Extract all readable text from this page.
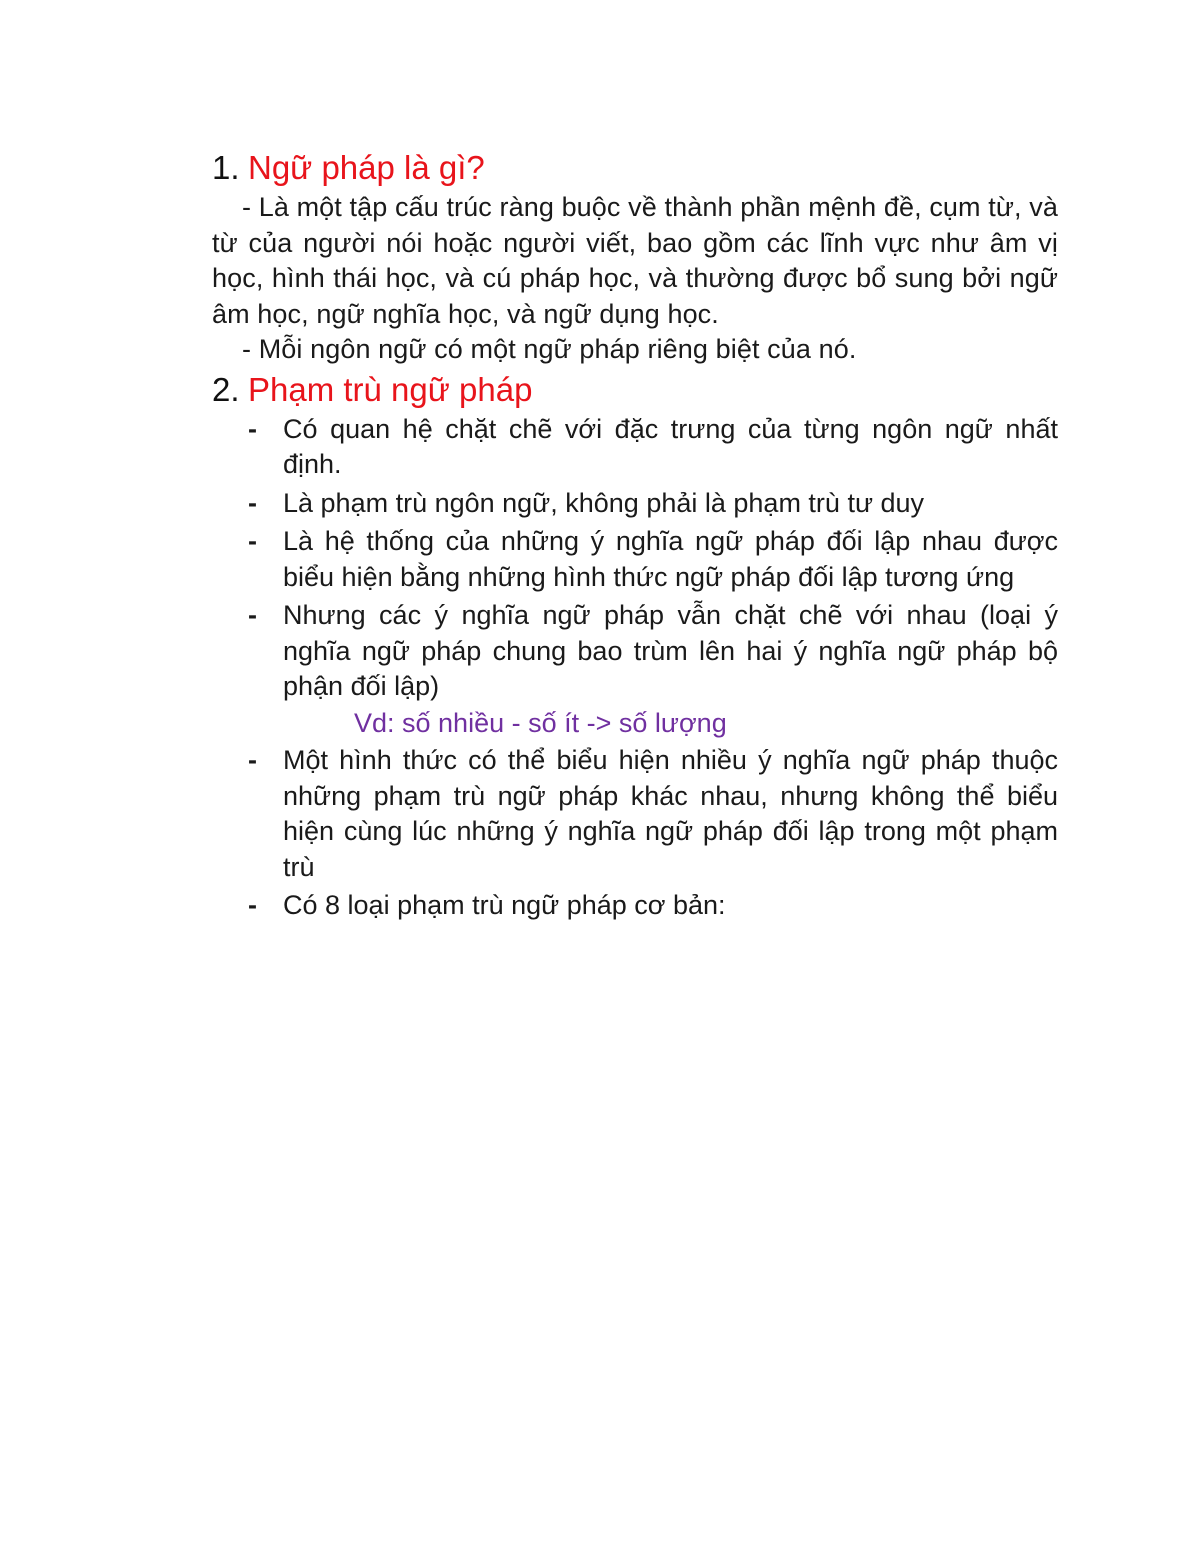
1. Ngữ pháp là gì?

- Là một tập cấu trúc ràng buộc về thành phần mệnh đề, cụm từ, và từ của người nói hoặc người viết, bao gồm các lĩnh vực như âm vị học, hình thái học, và cú pháp học, và thường được bổ sung bởi ngữ âm học, ngữ nghĩa học, và ngữ dụng học.

- Mỗi ngôn ngữ có một ngữ pháp riêng biệt của nó.

2. Phạm trù ngữ pháp
- Có quan hệ chặt chẽ với đặc trưng của từng ngôn ngữ nhất định.
- Là phạm trù ngôn ngữ, không phải là phạm trù tư duy
- Là hệ thống của những ý nghĩa ngữ pháp đối lập nhau được biểu hiện bằng những hình thức ngữ pháp đối lập tương ứng
- Nhưng các ý nghĩa ngữ pháp vẫn chặt chẽ với nhau (loại ý nghĩa ngữ pháp chung bao trùm lên hai ý nghĩa ngữ pháp bộ phận đối lập)
Vd: số nhiều - số ít -> số lượng
- Một hình thức có thể biểu hiện nhiều ý nghĩa ngữ pháp thuộc những phạm trù ngữ pháp khác nhau, nhưng không thể biểu hiện cùng lúc những ý nghĩa ngữ pháp đối lập trong một phạm trù
- Có 8 loại phạm trù ngữ pháp cơ bản:
